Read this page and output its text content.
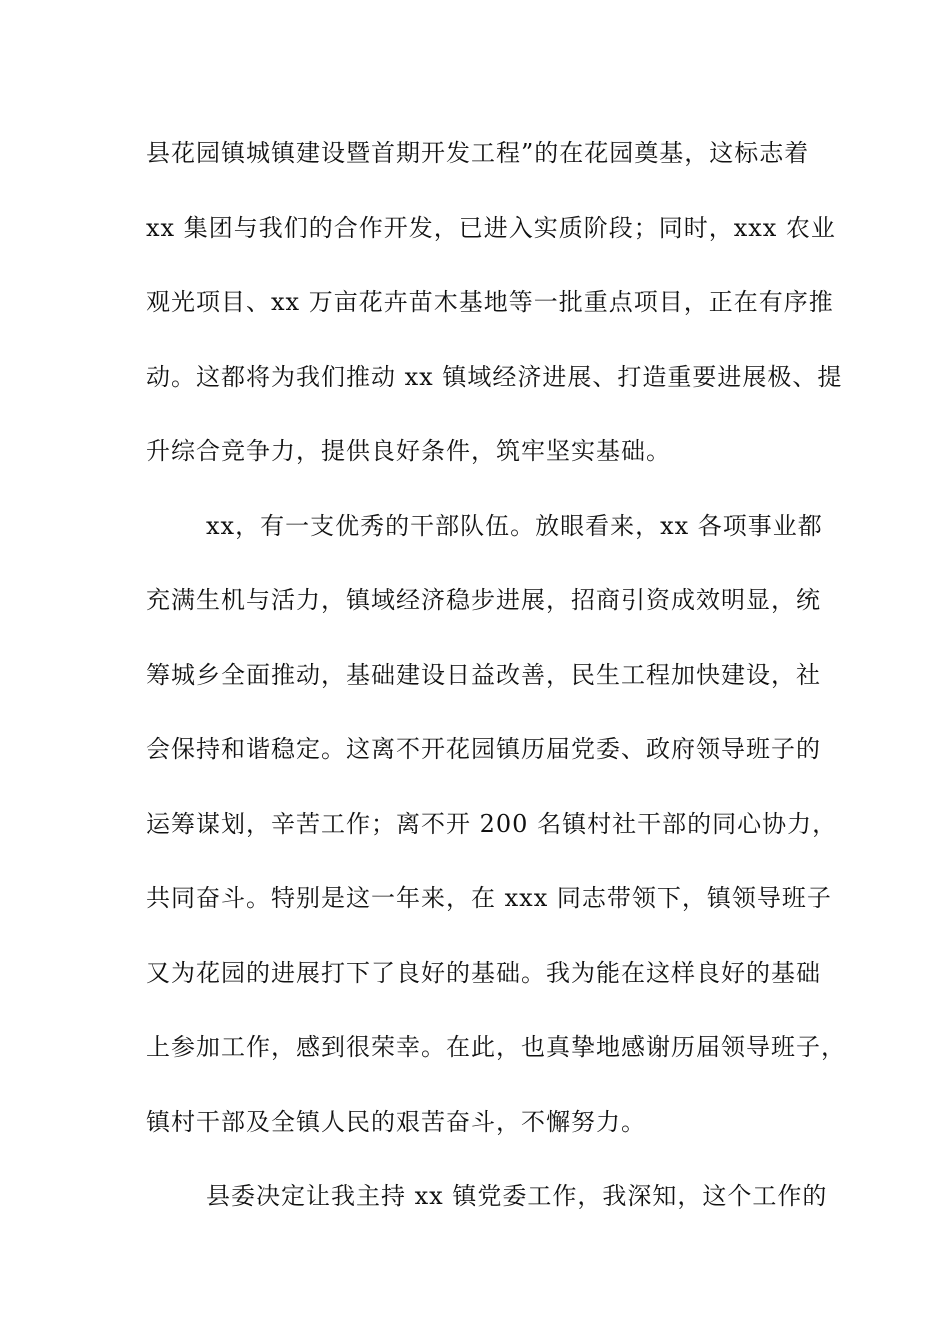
县花园镇城镇建设暨首期开发工程”的在花园奠基，这标志着
xx 集团与我们的合作开发，已进入实质阶段；同时，xxx 农业
观光项目、xx 万亩花卉苗木基地等一批重点项目，正在有序推
动。这都将为我们推动 xx 镇域经济进展、打造重要进展极、提
升综合竞争力，提供良好条件，筑牢坚实基础。
xx，有一支优秀的干部队伍。放眼看来，xx 各项事业都
充满生机与活力，镇域经济稳步进展，招商引资成效明显，统
筹城乡全面推动，基础建设日益改善，民生工程加快建设，社
会保持和谐稳定。这离不开花园镇历届党委、政府领导班子的
运筹谋划，辛苦工作；离不开 200 名镇村社干部的同心协力，
共同奋斗。特别是这一年来，在 xxx 同志带领下，镇领导班子
又为花园的进展打下了良好的基础。我为能在这样良好的基础
上参加工作，感到很荣幸。在此，也真挚地感谢历届领导班子，
镇村干部及全镇人民的艰苦奋斗，不懈努力。
县委决定让我主持 xx 镇党委工作，我深知，这个工作的
